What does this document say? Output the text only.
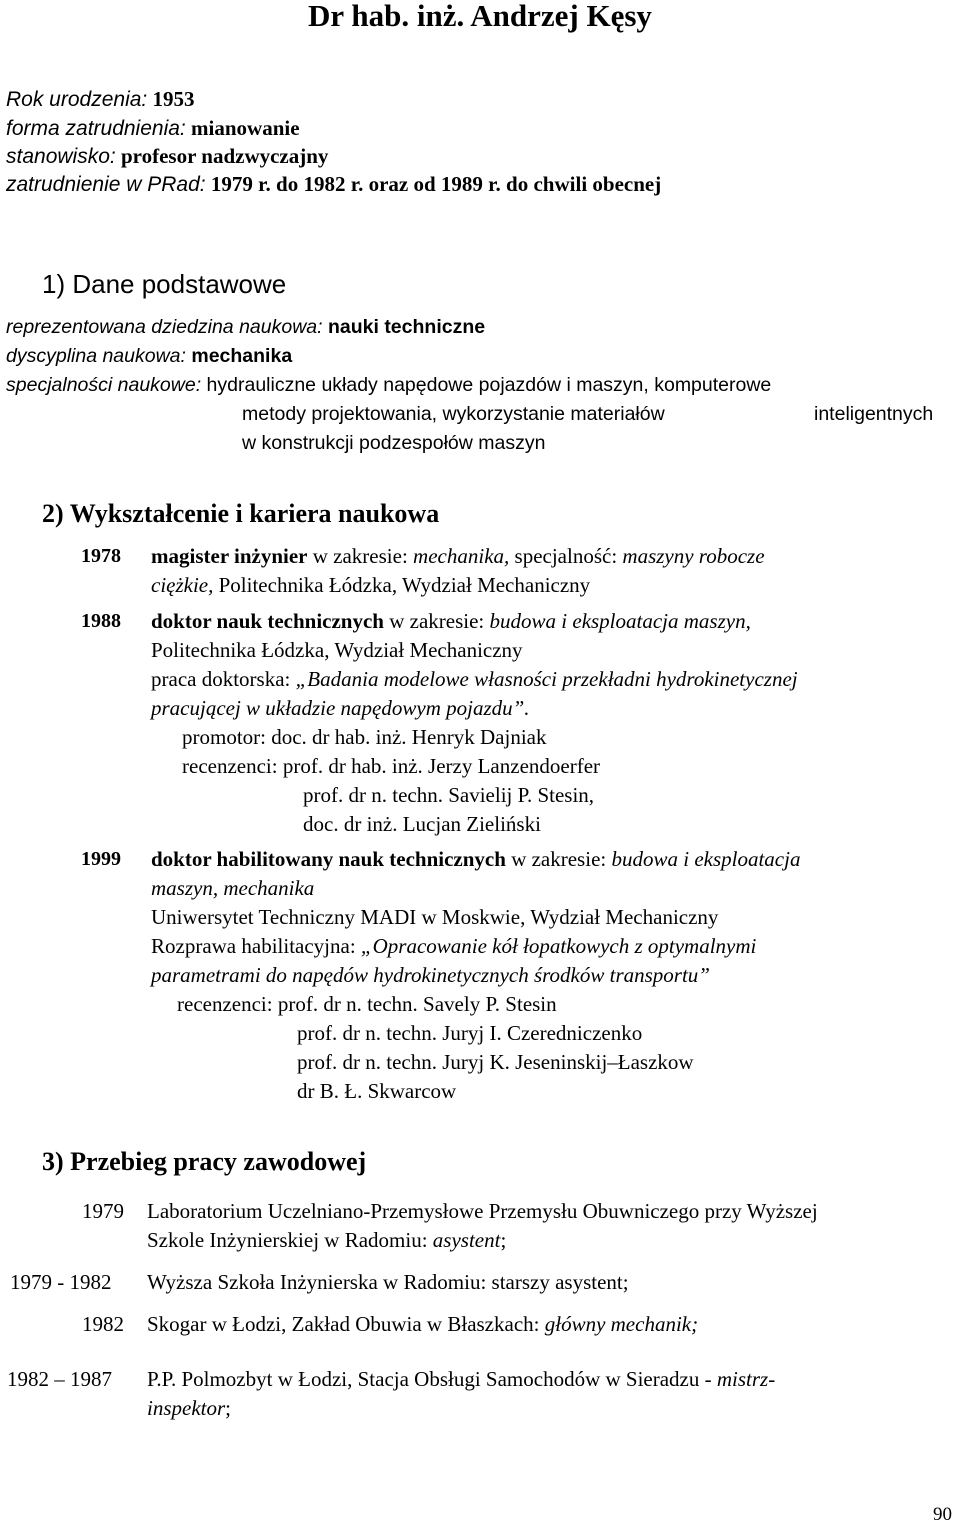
Dr hab. inż. Andrzej Kęsy
Rok urodzenia: 1953
forma zatrudnienia: mianowanie
stanowisko: profesor nadzwyczajny
zatrudnienie w PRad: 1979 r. do 1982 r. oraz od 1989 r. do chwili obecnej
1) Dane podstawowe
reprezentowana dziedzina naukowa: nauki techniczne
dyscyplina naukowa: mechanika
specjalności naukowe: hydrauliczne układy napędowe pojazdów i maszyn, komputerowe
metody projektowania, wykorzystanie materiałów	inteligentnych
w konstrukcji podzespołów maszyn
2) Wykształcenie i kariera naukowa
1978 magister inżynier w zakresie: mechanika, specjalność: maszyny robocze
ciężkie, Politechnika Łódzka, Wydział Mechaniczny
1988 doktor nauk technicznych w zakresie: budowa i eksploatacja maszyn,
Politechnika Łódzka, Wydział Mechaniczny
praca doktorska: „Badania modelowe własności przekładni hydrokinetycznej
pracującej w układzie napędowym pojazdu”.
promotor: doc. dr hab. inż. Henryk Dajniak
recenzenci: prof. dr hab. inż. Jerzy Lanzendoerfer
prof. dr n. techn. Savielij P. Stesin,
doc. dr inż. Lucjan Zieliński
1999 doktor habilitowany nauk technicznych w zakresie: budowa i eksploatacja
maszyn, mechanika
Uniwersytet Techniczny MADI w Moskwie, Wydział Mechaniczny
Rozprawa habilitacyjna: „Opracowanie kół łopatkowych z optymalnymi
parametrami do napędów hydrokinetycznych środków transportu”
recenzenci: prof. dr n. techn. Savely P. Stesin
prof. dr n. techn. Juryj I. Czeredniczenko
prof. dr n. techn. Juryj K. Jeseninskij–Łaszkow
dr B. Ł. Skwarcow
3) Przebieg pracy zawodowej
1979 Laboratorium Uczelniano-Przemysłowe Przemysłu Obuwniczego przy Wyższej
Szkole Inżynierskiej w Radomiu: asystent;
1979 - 1982 Wyższa Szkoła Inżynierska w Radomiu: starszy asystent;
1982 Skogar w Łodzi, Zakład Obuwia w Błaszkach: główny mechanik;
1982 – 1987 P.P. Polmozbyt w Łodzi, Stacja Obsługi Samochodów w Sieradzu - mistrz-
inspektor;
90
